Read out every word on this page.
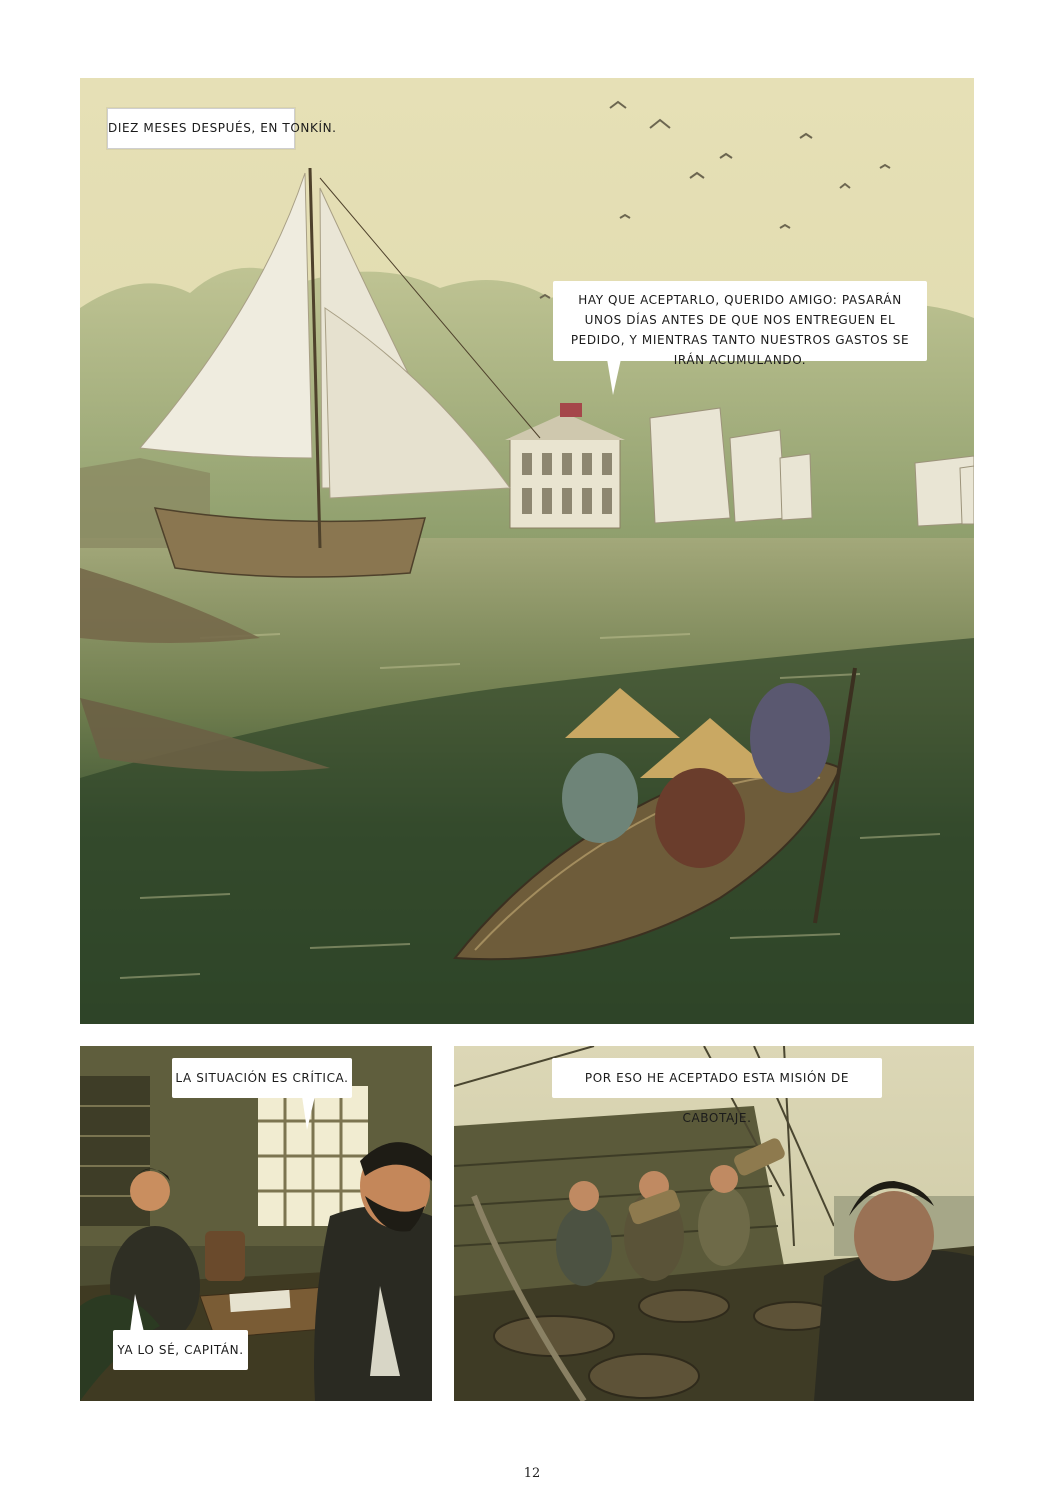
DIEZ MESES DESPUÉS, EN TONKÍN.
HAY QUE ACEPTARLO, QUERIDO AMIGO: PASARÁN UNOS DÍAS ANTES DE QUE NOS ENTREGUEN EL PEDIDO, Y MIENTRAS TANTO NUESTROS GASTOS SE IRÁN ACUMULANDO.
LA SITUACIÓN ES CRÍTICA.
YA LO SÉ, CAPITÁN.
POR ESO HE ACEPTADO ESTA MISIÓN DE CABOTAJE.
12
